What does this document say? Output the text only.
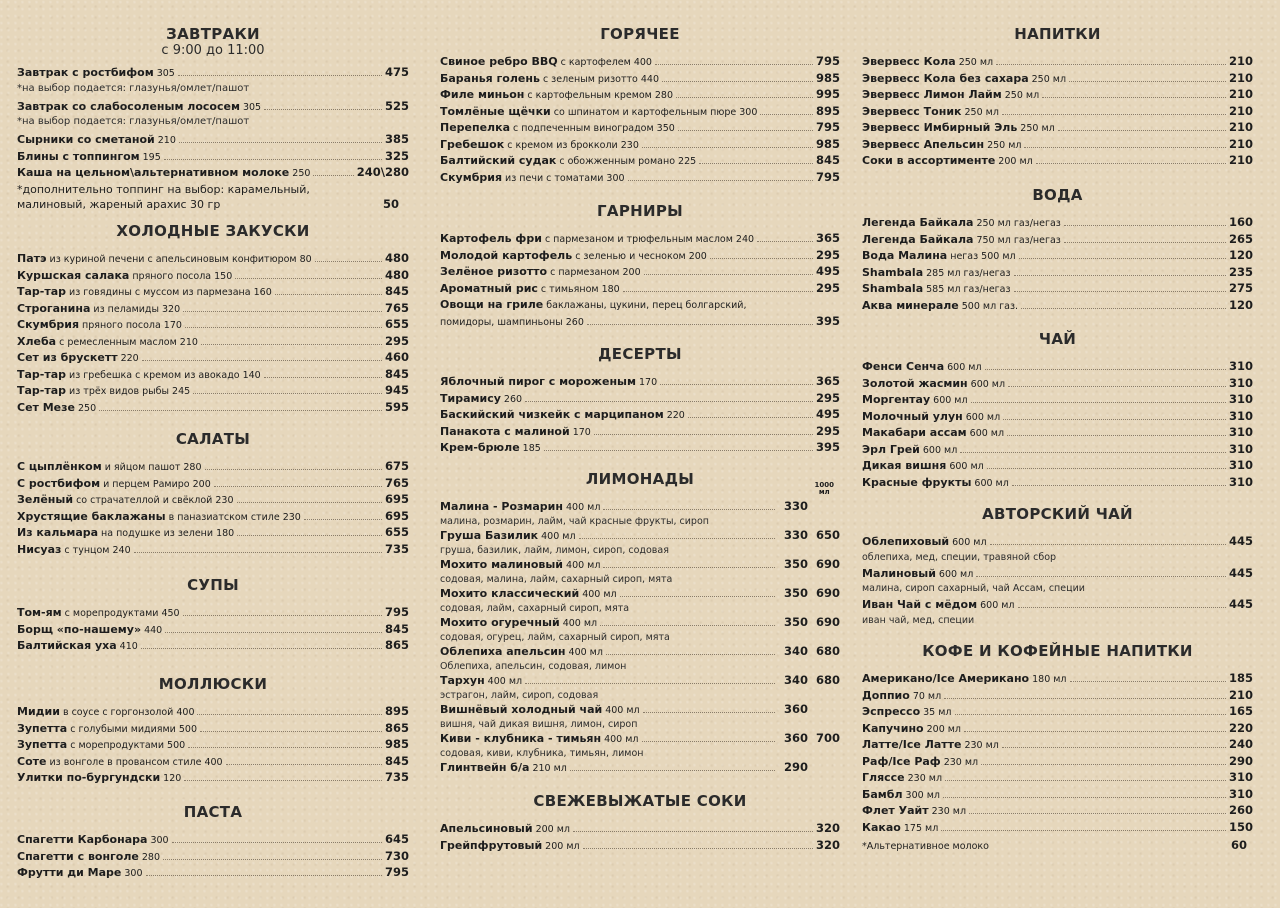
ЗАВТРАКИ

с 9:00 до 11:00

Завтрак с ростбифом 305	475
*на выбор подается: глазунья/омлет/пашот
Завтрак со слабосоленым лососем 305	525
*на выбор подается: глазунья/омлет/пашот
Сырники со сметаной 210	385
Блины с топпингом 195	325
Каша на цельном\альтернативном молоке 250	240\280
*дополнительно топпинг на выбор: карамельный,
малиновый, жареный арахис 30 гр	50
ХОЛОДНЫЕ ЗАКУСКИ
Патэ из куриной печени с апельсиновым конфитюром 80	480
Куршская салака пряного посола 150	480
Тар-тар из говядины с муссом из пармезана 160	845
Строганина из пеламиды 320	765
Скумбрия пряного посола 170	655
Хлеба с ремесленным маслом 210	295
Сет из брускетт 220	460
Тар-тар из гребешка с кремом из авокадо 140	845
Тар-тар из трёх видов рыбы 245	945
Сет Мезе 250	595
САЛАТЫ
С цыплёнком и яйцом пашот 280	675
С ростбифом и перцем Рамиро 200	765
Зелёный со страчателлой и свёклой 230	695
Хрустящие баклажаны в паназиатском стиле 230	695
Из кальмара на подушке из зелени 180	655
Нисуаз с тунцом 240	735
СУПЫ
Том-ям с морепродуктами 450	795
Борщ «по-нашему» 440	845
Балтийская уха 410	865
МОЛЛЮСКИ
Мидии в соусе с горгонзолой 400	895
Зупетта с голубыми мидиями 500	865
Зупетта с морепродуктами 500	985
Соте из вонголе в провансом стиле 400	845
Улитки по-бургундски 120	735
ПАСТА
Спагетти Карбонара 300	645
Спагетти с вонголе 280	730
Фрутти ди Маре 300	795
ГОРЯЧЕЕ
Свиное ребро BBQ с картофелем 400	795
Баранья голень с зеленым ризотто 440	985
Филе миньон с картофельным кремом 280	995
Томлёные щёчки со шпинатом и картофельным пюре 300	895
Перепелка с подпеченным виноградом 350	795
Гребешок с кремом из брокколи 230	985
Балтийский судак с обожженным романо 225	845
Скумбрия из печи с томатами 300	795
ГАРНИРЫ
Картофель фри с пармезаном и трюфельным маслом 240	365
Молодой картофель с зеленью и чесноком 200	295
Зелёное ризотто с пармезаном 200	495
Ароматный рис с тимьяном 180	295
Овощи на гриле баклажаны, цукини, перец болгарский,
помидоры, шампиньоны 260	395
ДЕСЕРТЫ
Яблочный пирог с мороженым 170	365
Тирамису 260	295
Баскийский чизкейк с марципаном 220	495
Панакота с малиной 170	295
Крем-брюле 185	395
ЛИМОНАДЫ	1000
мл
Малина - Розмарин 400 мл	330
малина, розмарин, лайм, чай красные фрукты, сироп
Груша Базилик 400 мл	330 650
груша, базилик, лайм, лимон, сироп, содовая
Мохито малиновый 400 мл	350 690
содовая, малина, лайм, сахарный сироп, мята
Мохито классический 400 мл	350 690
содовая, лайм, сахарный сироп, мята
Мохито огуречный 400 мл	350 690
содовая, огурец, лайм, сахарный сироп, мята
Облепиха апельсин 400 мл	340 680
Облепиха, апельсин, содовая, лимон
Тархун 400 мл	340 680
эстрагон, лайм, сироп, содовая
Вишнёвый холодный чай 400 мл	360
вишня, чай дикая вишня, лимон, сироп
Киви - клубника - тимьян 400 мл	360 700
содовая, киви, клубника, тимьян, лимон
Глинтвейн б/а 210 мл	290
СВЕЖЕВЫЖАТЫЕ СОКИ
Апельсиновый 200 мл	320
Грейпфрутовый 200 мл	320
НАПИТКИ
Эвервесс Кола 250 мл	210
Эвервесс Кола без сахара 250 мл	210
Эвервесс Лимон Лайм 250 мл	210
Эвервесс Тоник 250 мл	210
Эвервесс Имбирный Эль 250 мл	210
Эвервесс Апельсин 250 мл	210
Соки в ассортименте 200 мл	210
ВОДА
Легенда Байкала 250 мл газ/негаз	160
Легенда Байкала 750 мл газ/негаз	265
Вода Малина негаз 500 мл	120
Shambala 285 мл газ/негаз	235
Shambala 585 мл газ/негаз	275
Аква минерале 500 мл газ.	120
ЧАЙ
Фенси Сенча 600 мл	310
Золотой жасмин 600 мл	310
Моргентау 600 мл	310
Молочный улун 600 мл	310
Макабари ассам 600 мл	310
Эрл Грей 600 мл	310
Дикая вишня 600 мл	310
Красные фрукты 600 мл	310
АВТОРСКИЙ ЧАЙ
Облепиховый 600 мл	445
облепиха, мед, специи, травяной сбор
Малиновый 600 мл	445
малина, сироп сахарный, чай Ассам, специи
Иван Чай с мёдом 600 мл	445
иван чай, мед, специи
КОФЕ И КОФЕЙНЫЕ НАПИТКИ
Американо/Ice Американо 180 мл	185
Доппио 70 мл	210
Эспрессо 35 мл	165
Капучино 200 мл	220
Латте/Ice Латте 230 мл	240
Раф/Ice Раф 230 мл	290
Гляссе 230 мл	310
Бамбл 300 мл	310
Флет Уайт 230 мл	260
Какао 175 мл	150
*Альтернативное молоко	60
